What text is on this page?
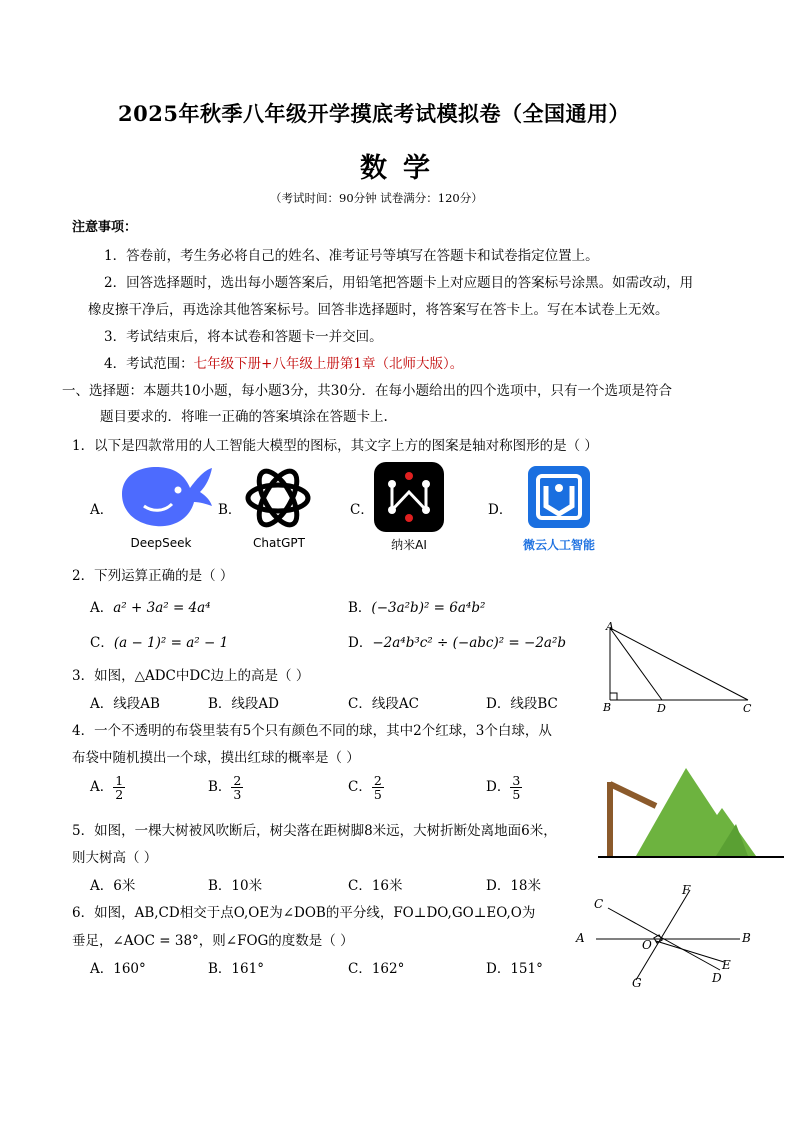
2025年秋季八年级开学摸底考试模拟卷（全国通用）
数学
（考试时间：90分钟 试卷满分：120分）
注意事项：
1．答卷前，考生务必将自己的姓名、准考证号等填写在答题卡和试卷指定位置上。
2．回答选择题时，选出每小题答案后，用铅笔把答题卡上对应题目的答案标号涂黑。如需改动，用
橡皮擦干净后，再选涂其他答案标号。回答非选择题时，将答案写在答卡上。写在本试卷上无效。
3．考试结束后，将本试卷和答题卡一并交回。
4．考试范围：七年级下册+八年级上册第1章（北师大版）。
一、选择题：本题共10小题，每小题3分，共30分．在每小题给出的四个选项中，只有一个选项是符合
题目要求的．将唯一正确的答案填涂在答题卡上.
1．以下是四款常用的人工智能大模型的图标，其文字上方的图案是轴对称图形的是（ ）
A．
DeepSeek
B．
ChatGPT
C．
纳米AI
D．
微云人工智能
2．下列运算正确的是（ ）
A．a² + 3a² = 4a⁴	B．(−3a²b)² = 6a⁴b²
C．(a − 1)² = a² − 1	D．−2a⁴b³c² ÷ (−abc)² = −2a²b
A
B	D	C
3．如图，△ADC中DC边上的高是（ ）
A．线段AB	B．线段AD	C．线段AC	D．线段BC
4．一个不透明的布袋里装有5个只有颜色不同的球，其中2个红球，3个白球，从
布袋中随机摸出一个球，摸出红球的概率是（ ）
A． $\frac{1}{2}$	B． $\frac{2}{3}$	C． $\frac{2}{5}$	D． $\frac{3}{5}$
5．如图，一棵大树被风吹断后，树尖落在距树脚8米远，大树折断处离地面6米，
则大树高（ ）
A．6米	B．10米	C．16米	D．18米
A	B
C
D
E
F
G
O
6．如图，AB,CD相交于点O,OE为∠DOB的平分线，FO⊥DO,GO⊥EO,O为
垂足，∠AOC = 38°，则∠FOG的度数是（ ）
A．160°	B．161°	C．162°	D．151°
